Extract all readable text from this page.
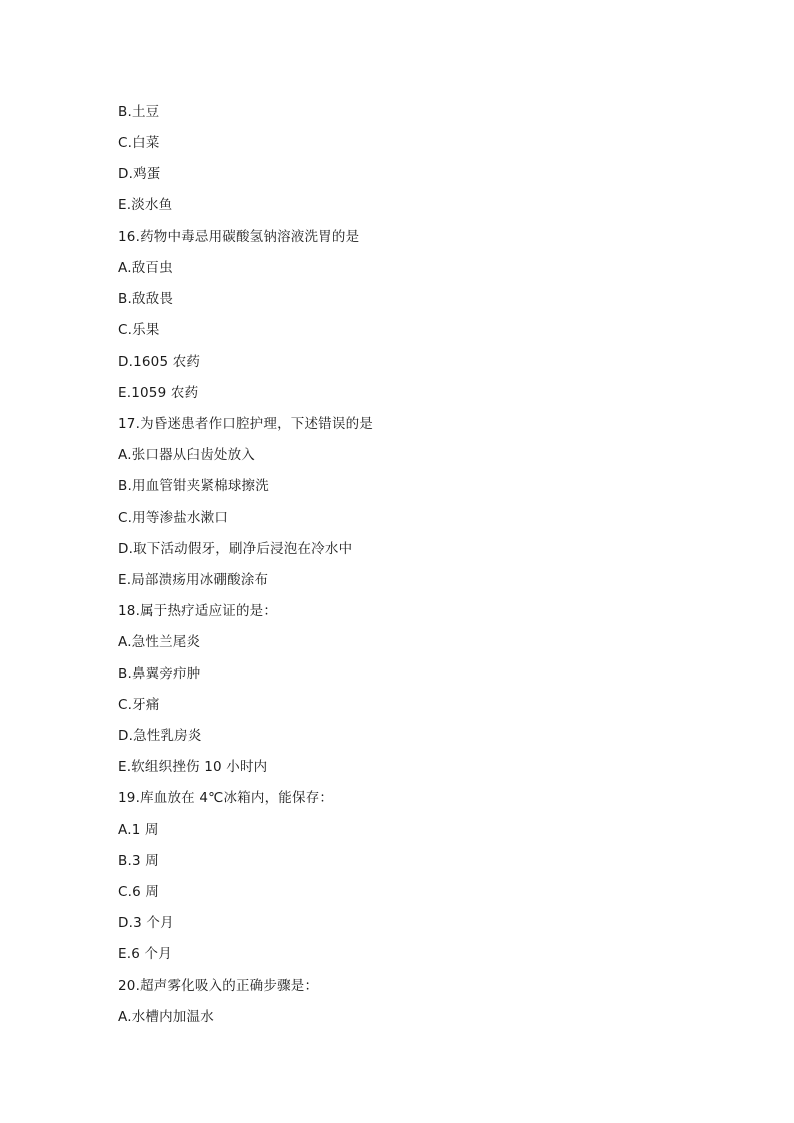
B.土豆
C.白菜
D.鸡蛋
E.淡水鱼
16.药物中毒忌用碳酸氢钠溶液洗胃的是
A.敌百虫
B.敌敌畏
C.乐果
D.1605 农药
E.1059 农药
17.为昏迷患者作口腔护理，下述错误的是
A.张口器从臼齿处放入
B.用血管钳夹紧棉球擦洗
C.用等渗盐水漱口
D.取下活动假牙，刷净后浸泡在冷水中
E.局部溃疡用冰硼酸涂布
18.属于热疗适应证的是：
A.急性兰尾炎
B.鼻翼旁疖肿
C.牙痛
D.急性乳房炎
E.软组织挫伤 10 小时内
19.库血放在 4℃冰箱内，能保存：
A.1 周
B.3 周
C.6 周
D.3 个月
E.6 个月
20.超声雾化吸入的正确步骤是：
A.水槽内加温水
